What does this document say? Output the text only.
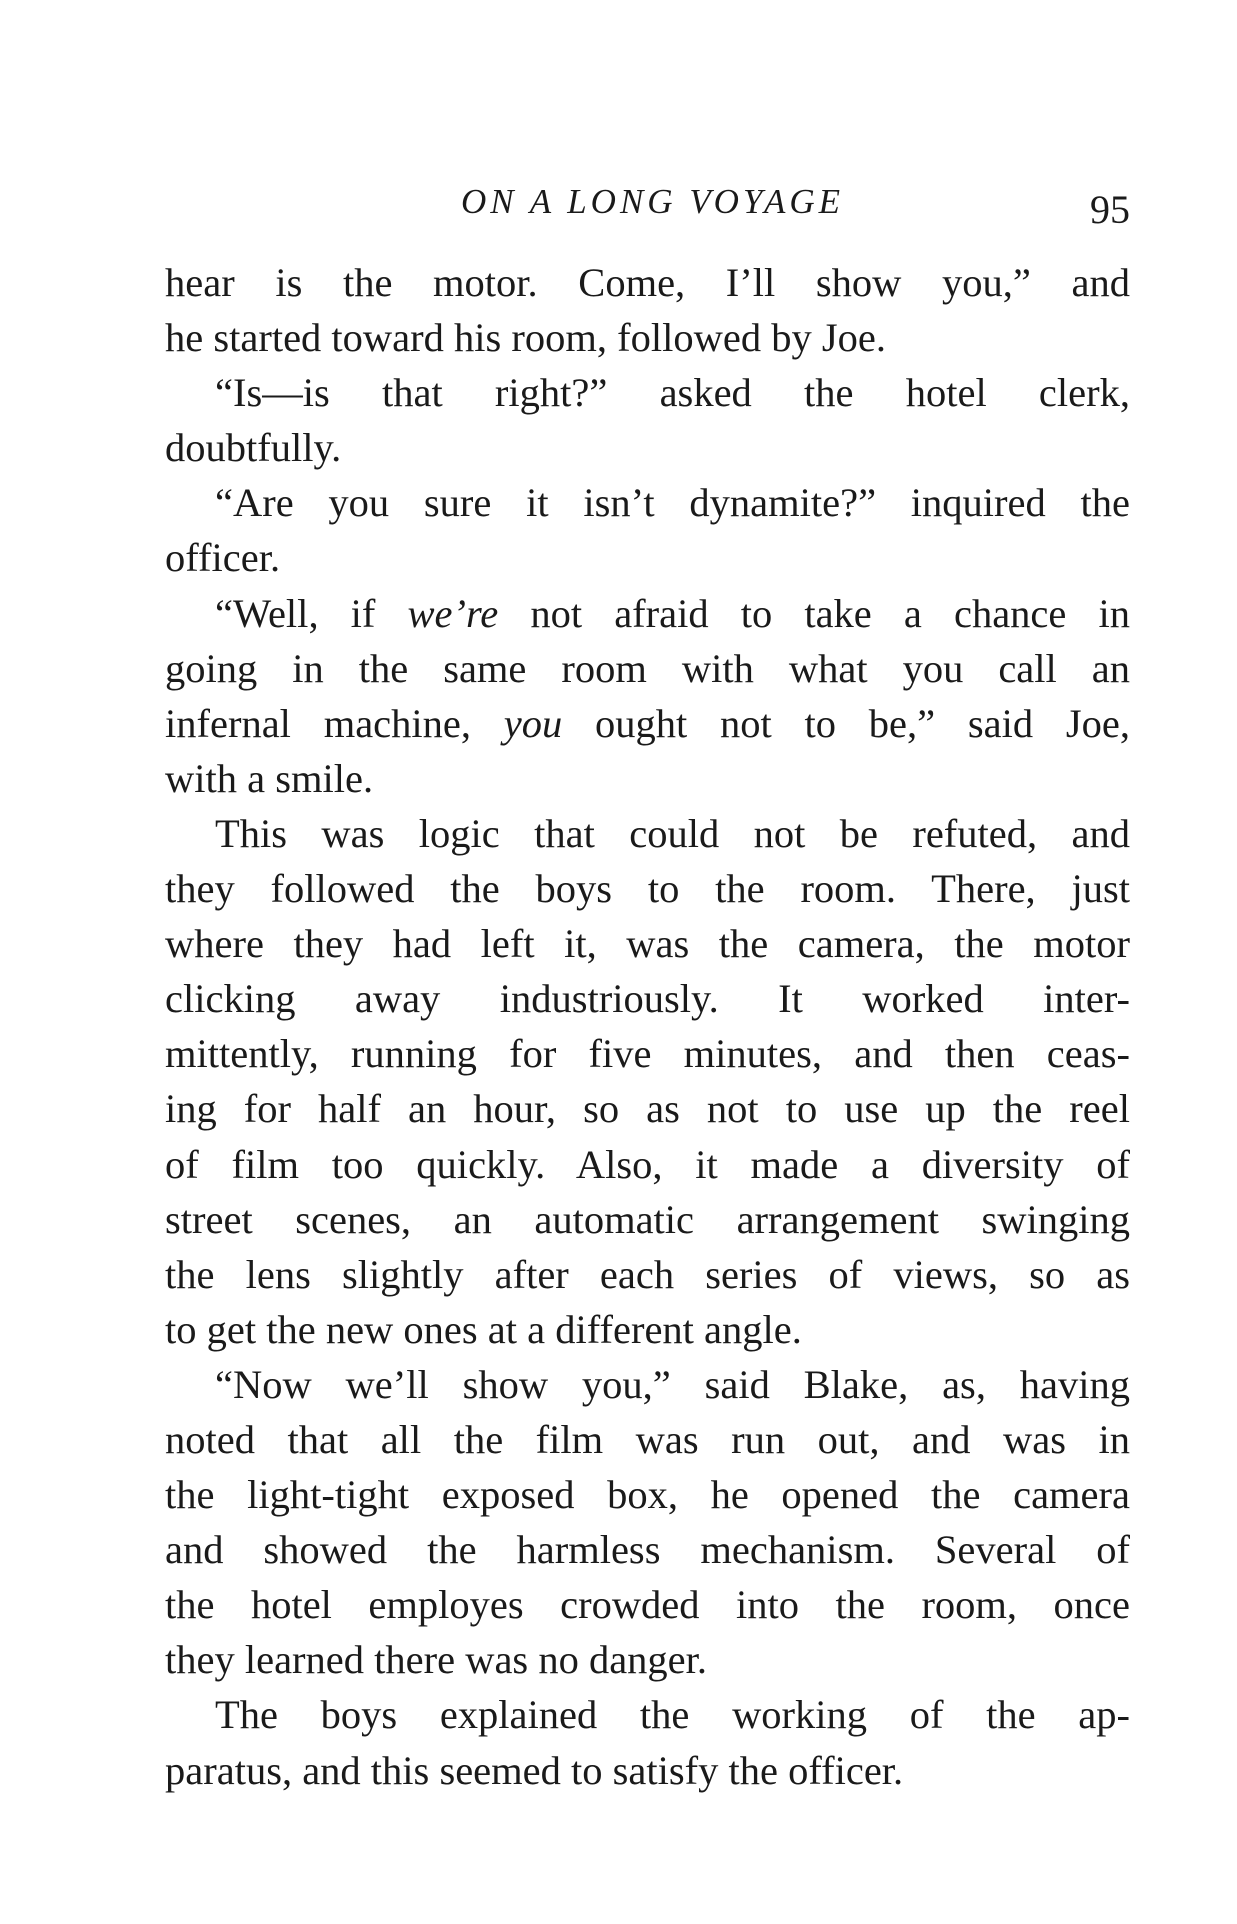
ON A LONG VOYAGE	95

hear is the motor. Come, I’ll show you,” and
he started toward his room, followed by Joe.

“Is—is that right?” asked the hotel clerk,
doubtfully.

“Are you sure it isn’t dynamite?” inquired the
officer.

“Well, if we’re not afraid to take a chance in
going in the same room with what you call an
infernal machine, you ought not to be,” said Joe,
with a smile.

This was logic that could not be refuted, and
they followed the boys to the room. There, just
where they had left it, was the camera, the motor
clicking away industriously. It worked inter-
mittently, running for five minutes, and then ceas-
ing for half an hour, so as not to use up the reel
of film too quickly. Also, it made a diversity of
street scenes, an automatic arrangement swinging
the lens slightly after each series of views, so as
to get the new ones at a different angle.

“Now we’ll show you,” said Blake, as, having
noted that all the film was run out, and was in
the light-tight exposed box, he opened the camera
and showed the harmless mechanism. Several of
the hotel employes crowded into the room, once
they learned there was no danger.

The boys explained the working of the ap-
paratus, and this seemed to satisfy the officer.
